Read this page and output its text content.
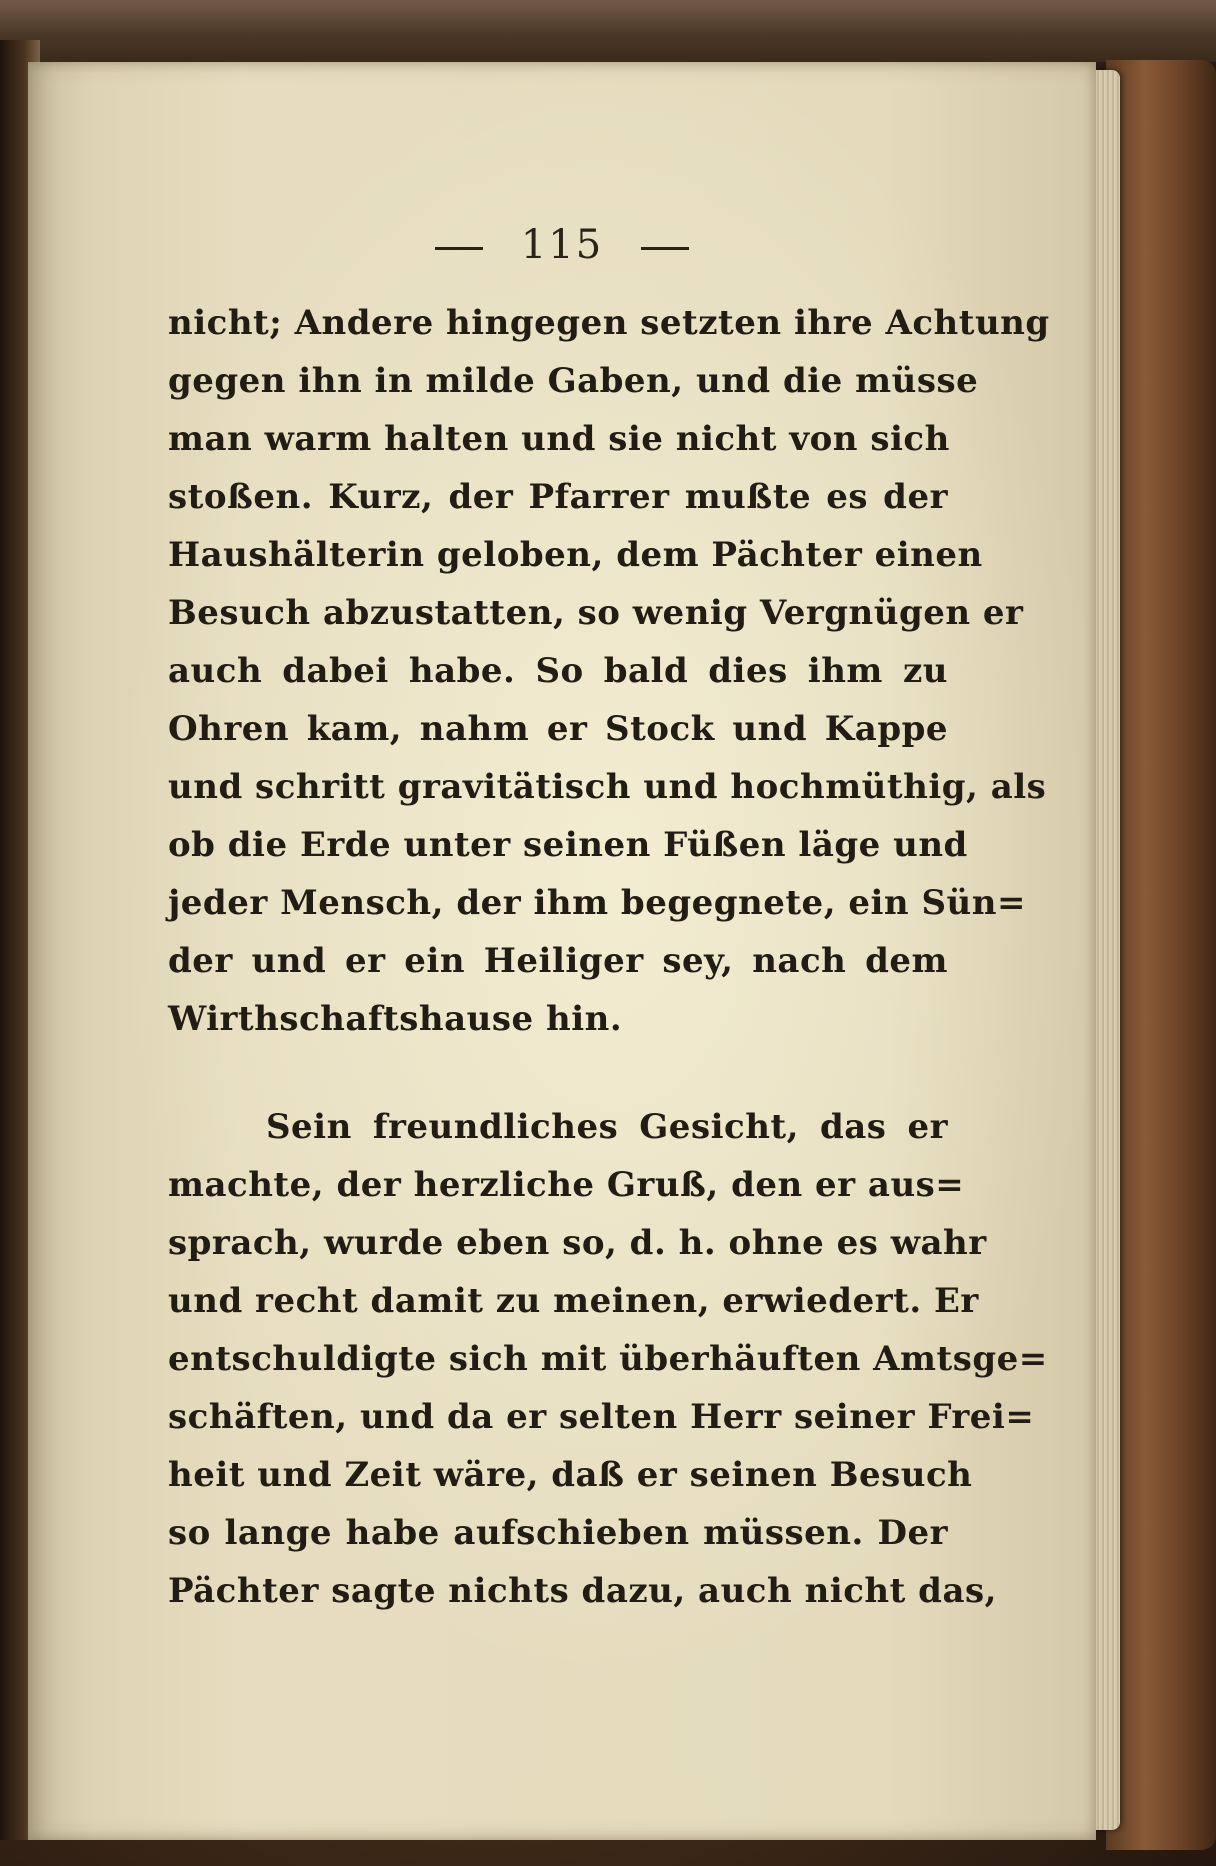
115
nicht; Andere hingegen setzten ihre Achtung
gegen ihn in milde Gaben, und die müsse
man warm halten und sie nicht von sich
stoßen. Kurz, der Pfarrer mußte es der
Haushälterin geloben, dem Pächter einen
Besuch abzustatten, so wenig Vergnügen er
auch dabei habe. So bald dies ihm zu
Ohren kam, nahm er Stock und Kappe
und schritt gravitätisch und hochmüthig, als
ob die Erde unter seinen Füßen läge und
jeder Mensch, der ihm begegnete, ein Sün=
der und er ein Heiliger sey, nach dem
Wirthschaftshause hin.
Sein freundliches Gesicht, das er
machte, der herzliche Gruß, den er aus=
sprach, wurde eben so, d. h. ohne es wahr
und recht damit zu meinen, erwiedert. Er
entschuldigte sich mit überhäuften Amtsge=
schäften, und da er selten Herr seiner Frei=
heit und Zeit wäre, daß er seinen Besuch
so lange habe aufschieben müssen. Der
Pächter sagte nichts dazu, auch nicht das,
